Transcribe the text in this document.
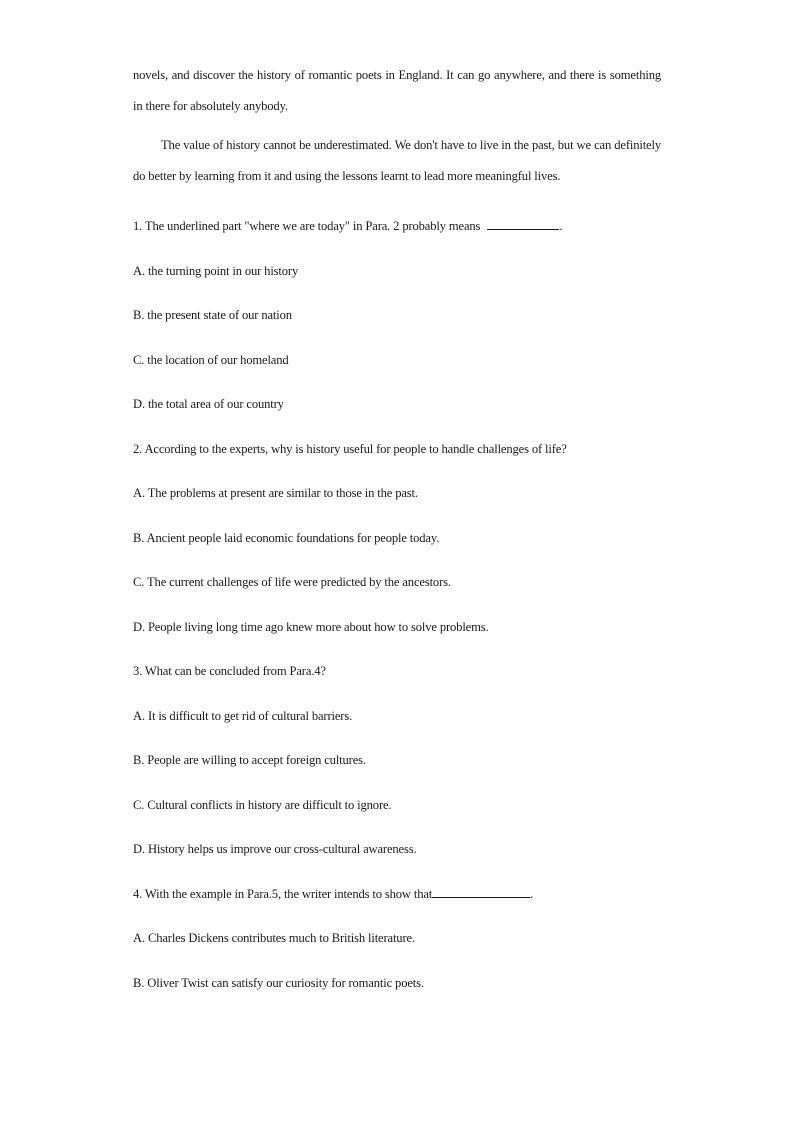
novels, and discover the history of romantic poets in England. It can go anywhere, and there is something in there for absolutely anybody.

The value of history cannot be underestimated. We don't have to live in the past, but we can definitely do better by learning from it and using the lessons learnt to lead more meaningful lives.

1. The underlined part "where we are today" in Para. 2 probably means	.

A. the turning point in our history

B. the present state of our nation

C. the location of our homeland

D. the total area of our country

2. According to the experts, why is history useful for people to handle challenges of life?

A. The problems at present are similar to those in the past.

B. Ancient people laid economic foundations for people today.

C. The current challenges of life were predicted by the ancestors.

D. People living long time ago knew more about how to solve problems.

3. What can be concluded from Para.4?

A. It is difficult to get rid of cultural barriers.

B. People are willing to accept foreign cultures.

C. Cultural conflicts in history are difficult to ignore.

D. History helps us improve our cross-cultural awareness.

4. With the example in Para.5, the writer intends to show that	.

A. Charles Dickens contributes much to British literature.

B. Oliver Twist can satisfy our curiosity for romantic poets.
